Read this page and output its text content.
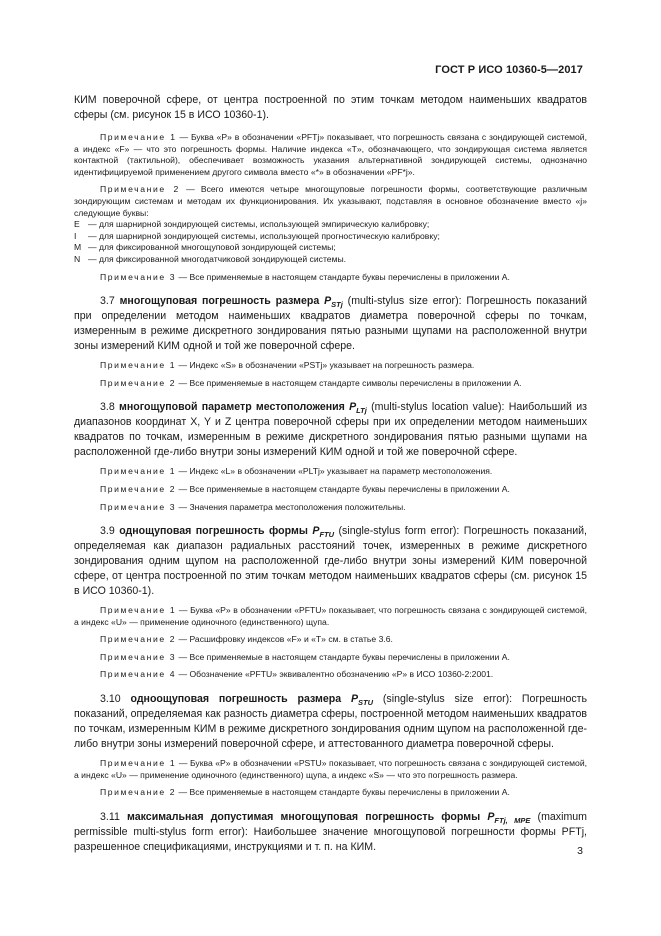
ГОСТ Р ИСО 10360-5—2017

КИМ поверочной сфере, от центра построенной по этим точкам методом наименьших квадратов сферы (см. рисунок 15 в ИСО 10360-1).

Примечание 1 — Буква «P» в обозначении «PFTj» показывает, что погрешность связана с зондирующей системой, а индекс «F» — что это погрешность формы. Наличие индекса «T», обозначающего, что зондирующая система является контактной (тактильной), обеспечивает возможность указания альтернативной зондирующей системы, однозначно идентифицируемой применением другого символа вместо «*» в обозначении «PF*j».

Примечание 2 — Всего имеются четыре многощуповые погрешности формы, соответствующие различным зондирующим системам и методам их функционирования. Их указывают, подставляя в основное обозначение вместо «j» следующие буквы:

E — для шарнирной зондирующей системы, использующей эмпирическую калибровку;
I — для шарнирной зондирующей системы, использующей прогностическую калибровку;
M — для фиксированной многощуповой зондирующей системы;
N — для фиксированной многодатчиковой зондирующей системы.

Примечание 3 — Все применяемые в настоящем стандарте буквы перечислены в приложении А.

3.7 многощуповая погрешность размера $P_{STj}$ (multi-stylus size error): Погрешность показаний при определении методом наименьших квадратов диаметра поверочной сферы по точкам, измеренным в режиме дискретного зондирования пятью разными щупами на расположенной внутри зоны измерений КИМ одной и той же поверочной сфере.

Примечание 1 — Индекс «S» в обозначении «PSTj» указывает на погрешность размера.

Примечание 2 — Все применяемые в настоящем стандарте символы перечислены в приложении А.

3.8 многощуповой параметр местоположения $P_{LTj}$ (multi-stylus location value): Наибольший из диапазонов координат X, Y и Z центра поверочной сферы при их определении методом наименьших квадратов по точкам, измеренным в режиме дискретного зондирования пятью разными щупами на расположенной где-либо внутри зоны измерений КИМ одной и той же поверочной сфере.

Примечание 1 — Индекс «L» в обозначении «PLTj» указывает на параметр местоположения.

Примечание 2 — Все применяемые в настоящем стандарте буквы перечислены в приложении А.

Примечание 3 — Значения параметра местоположения положительны.

3.9 однощуповая погрешность формы $P_{FTU}$ (single-stylus form error): Погрешность показаний, определяемая как диапазон радиальных расстояний точек, измеренных в режиме дискретного зондирования одним щупом на расположенной где-либо внутри зоны измерений КИМ поверочной сфере, от центра построенной по этим точкам методом наименьших квадратов сферы (см. рисунок 15 в ИСО 10360-1).

Примечание 1 — Буква «P» в обозначении «PFTU» показывает, что погрешность связана с зондирующей системой, а индекс «U» — применение одиночного (единственного) щупа.

Примечание 2 — Расшифровку индексов «F» и «T» см. в статье 3.6.

Примечание 3 — Все применяемые в настоящем стандарте буквы перечислены в приложении А.

Примечание 4 — Обозначение «PFTU» эквивалентно обозначению «P» в ИСО 10360-2:2001.

3.10 одноощуповая погрешность размера $P_{STU}$ (single-stylus size error): Погрешность показаний, определяемая как разность диаметра сферы, построенной методом наименьших квадратов по точкам, измеренным КИМ в режиме дискретного зондирования одним щупом на расположенной где-либо внутри зоны измерений поверочной сфере, и аттестованного диаметра поверочной сферы.

Примечание 1 — Буква «P» в обозначении «PSTU» показывает, что погрешность связана с зондирующей системой, а индекс «U» — применение одиночного (единственного) щупа, а индекс «S» — что это погрешность размера.

Примечание 2 — Все применяемые в настоящем стандарте буквы перечислены в приложении А.

3.11 максимальная допустимая многощуповая погрешность формы $P_{FTj, MPE}$ (maximum permissible multi-stylus form error): Наибольшее значение многощуповой погрешности формы PFTj, разрешенное спецификациями, инструкциями и т. п. на КИМ.	3
